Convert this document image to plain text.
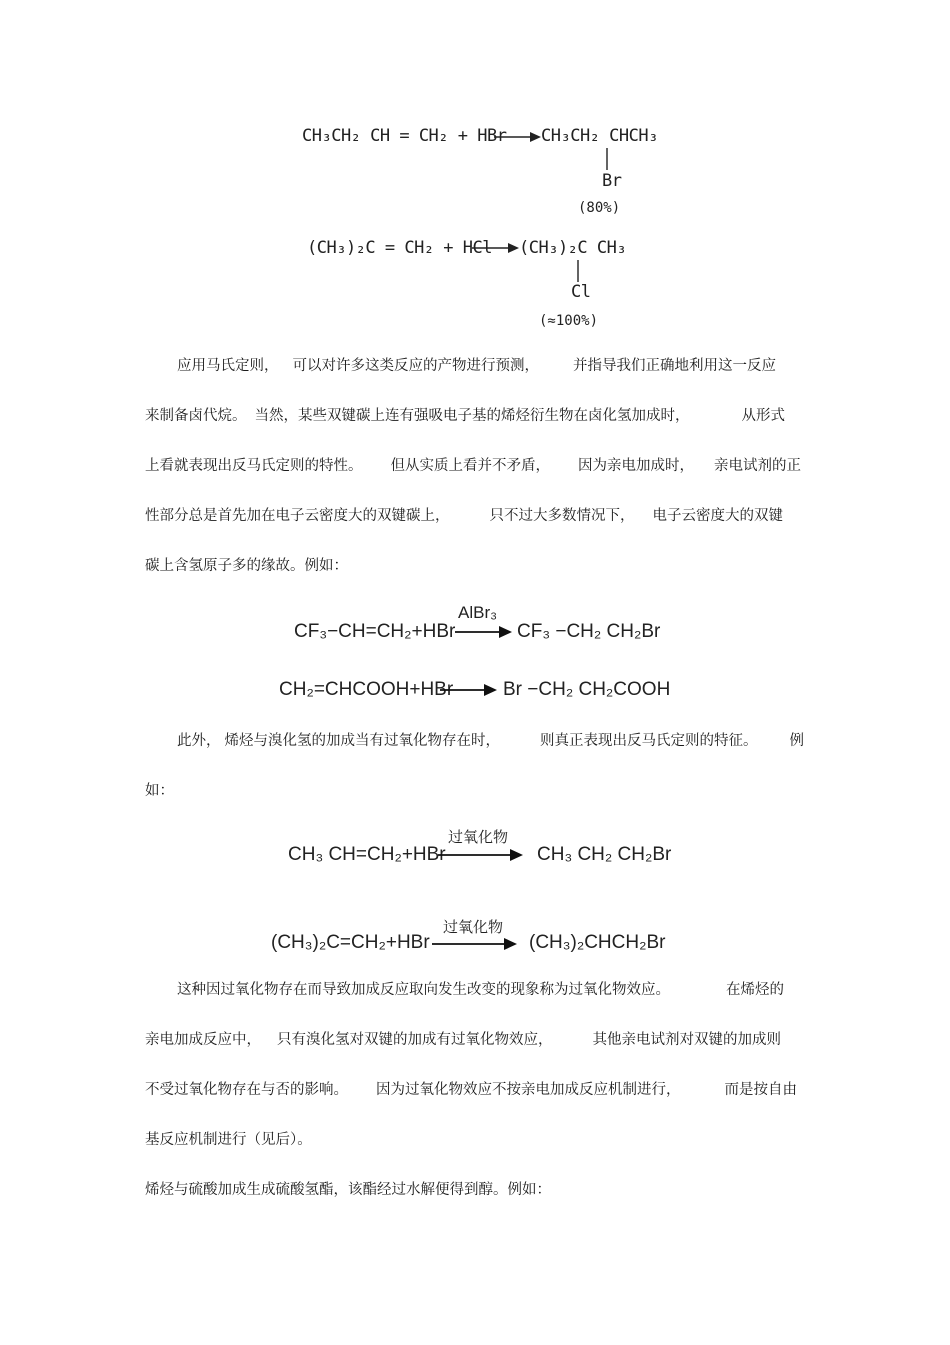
CH₃CH₂ CH = CH₂ + HBr → CH₃CH₂ CHCH₃
Br
(80%)
(CH₃)₂C = CH₂ + HCl → (CH₃)₂C CH₃
Cl
(≈100%)
应用马氏定则， 可以对许多这类反应的产物进行预测， 并指导我们正确地利用这一反应
来制备卤代烷。 当然，某些双键碳上连有强吸电子基的烯烃衍生物在卤化氢加成时，	从形式
上看就表现出反马氏定则的特性。 但从实质上看并不矛盾， 因为亲电加成时， 亲电试剂的正
性部分总是首先加在电子云密度大的双键碳上，	只不过大多数情况下， 电子云密度大的双键
碳上含氢原子多的缘故。例如：
CF₃−CH=CH₂+HBr
AlBr₃
→ CF₃ −CH₂ CH₂Br
CH₂=CHCOOH+HBr → Br −CH₂ CH₂COOH
此外， 烯烃与溴化氢的加成当有过氧化物存在时，	则真正表现出反马氏定则的特征。 例
如：
CH₃ CH=CH₂+HBr
过氧化物
CH₃ CH₂ CH₂Br
(CH₃)₂C=CH₂+HBr
过氧化物
(CH₃)₂CHCH₂Br
这种因过氧化物存在而导致加成反应取向发生改变的现象称为过氧化物效应。	在烯烃的
亲电加成反应中， 只有溴化氢对双键的加成有过氧化物效应，	其他亲电试剂对双键的加成则
不受过氧化物存在与否的影响。 因为过氧化物效应不按亲电加成反应机制进行，	而是按自由
基反应机制进行（见后）。
烯烃与硫酸加成生成硫酸氢酯，该酯经过水解便得到醇。例如：
